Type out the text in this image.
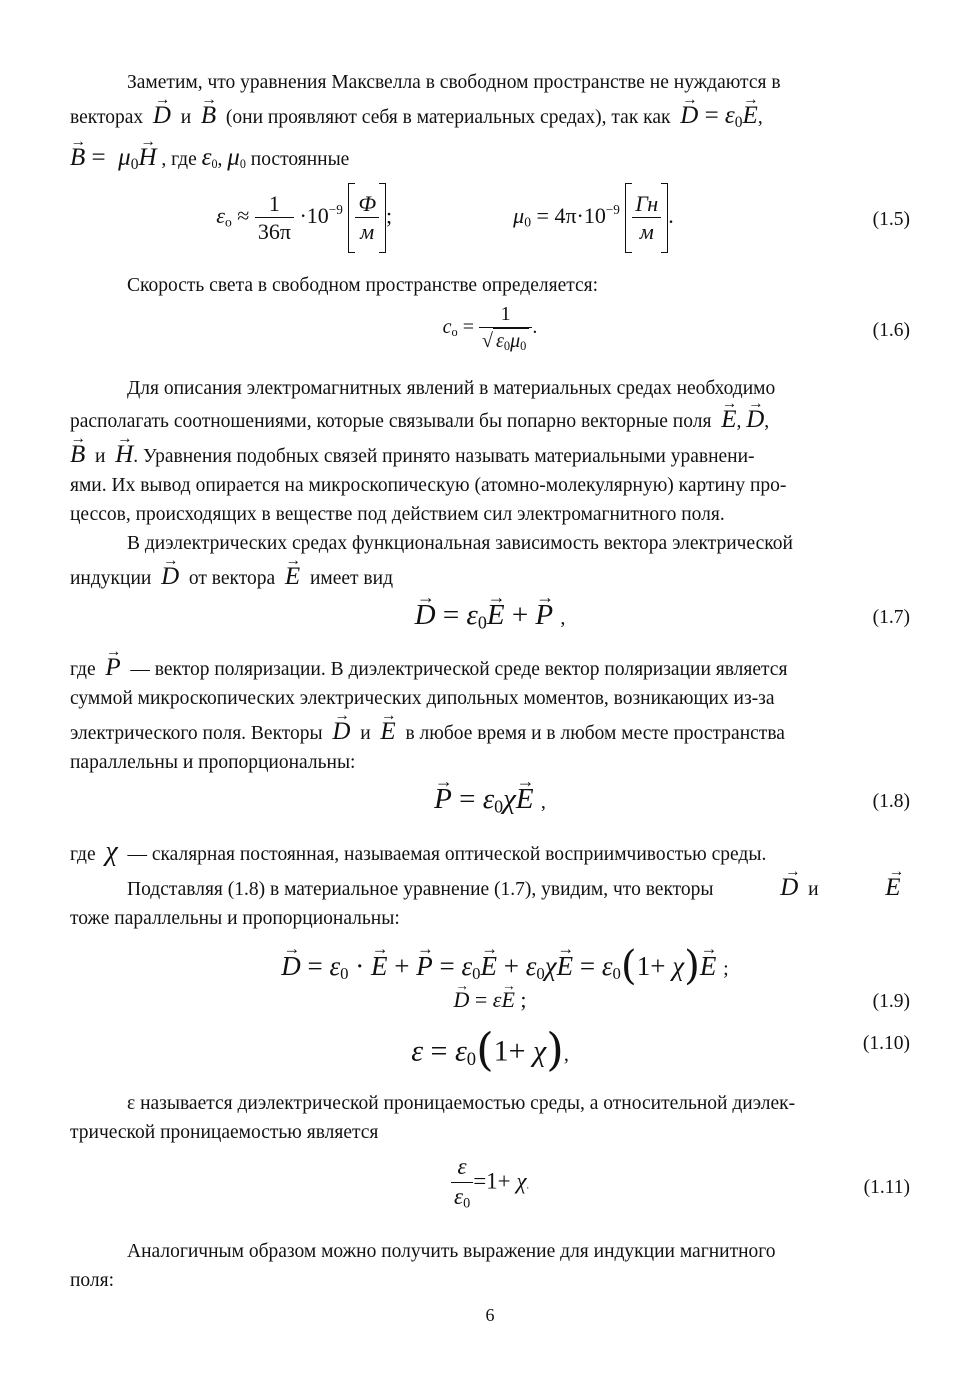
Заметим, что уравнения Максвелла в свободном пространстве не нуждаются в

векторах → D и → B (они проявляют себя в материальных средах), так как → $D = \varepsilon_0\to E$,

→ $B = \mu_0\to H$ , где $\varepsilon_0$, $\mu_0$ постоянные

$\varepsilon_o \approx \frac{1}{36\pi} \cdot 10^{-9} \frac{Ф}{м}$ ;	$\mu_0 = 4\pi\cdot 10^{-9} \frac{Гн}{м}$ .	(1.5)

Скорость света в свободном пространстве определяется:

$c_o = \frac{1}{√ \varepsilon_0\mu_0}$ .	(1.6)

Для описания электромагнитных явлений в материальных средах необходимо

располагать соотношениями, которые связывали бы попарно векторные поля → E, → D,

→ B и → H. Уравнения подобных связей принято называть материальными уравнени-

ями. Их вывод опирается на микроскопическую (атомно-молекулярную) картину про-

цессов, происходящих в веществе под действием сил электромагнитного поля.

В диэлектрических средах функциональная зависимость вектора электрической

индукции → D от вектора → E имеет вид

→ $D = \varepsilon_0\to E$ + → P ,	(1.7)

где → P — вектор поляризации. В диэлектрической среде вектор поляризации является

суммой микроскопических электрических дипольных моментов, возникающих из-за

электрического поля. Векторы → D и → E в любое время и в любом месте пространства

параллельны и пропорциональны:

→ $P = \varepsilon_0\chi\to E$ ,	(1.8)

где χ — скалярная постоянная, называемая оптической восприимчивостью среды.

Подставляя (1.8) в материальное уравнение (1.7), увидим, что векторы	→ D и	→ E

тоже параллельны и пропорциональны:

→ $D = \varepsilon_0$ · → E + → $P = \varepsilon_0\to E + \varepsilon_0\chi\to E = \varepsilon_0(1+ \chi)\to E$ ;
→ D = ε→ E ;	(1.9)
$\varepsilon = \varepsilon_0(1+ \chi)$,	(1.10)

ε называется диэлектрической проницаемостью среды, а относительной диэлек-

трической проницаемостью является

$\frac{\varepsilon}{\varepsilon_0} =1+ \chi$.	(1.11)

Аналогичным образом можно получить выражение для индукции магнитного

поля:

6
